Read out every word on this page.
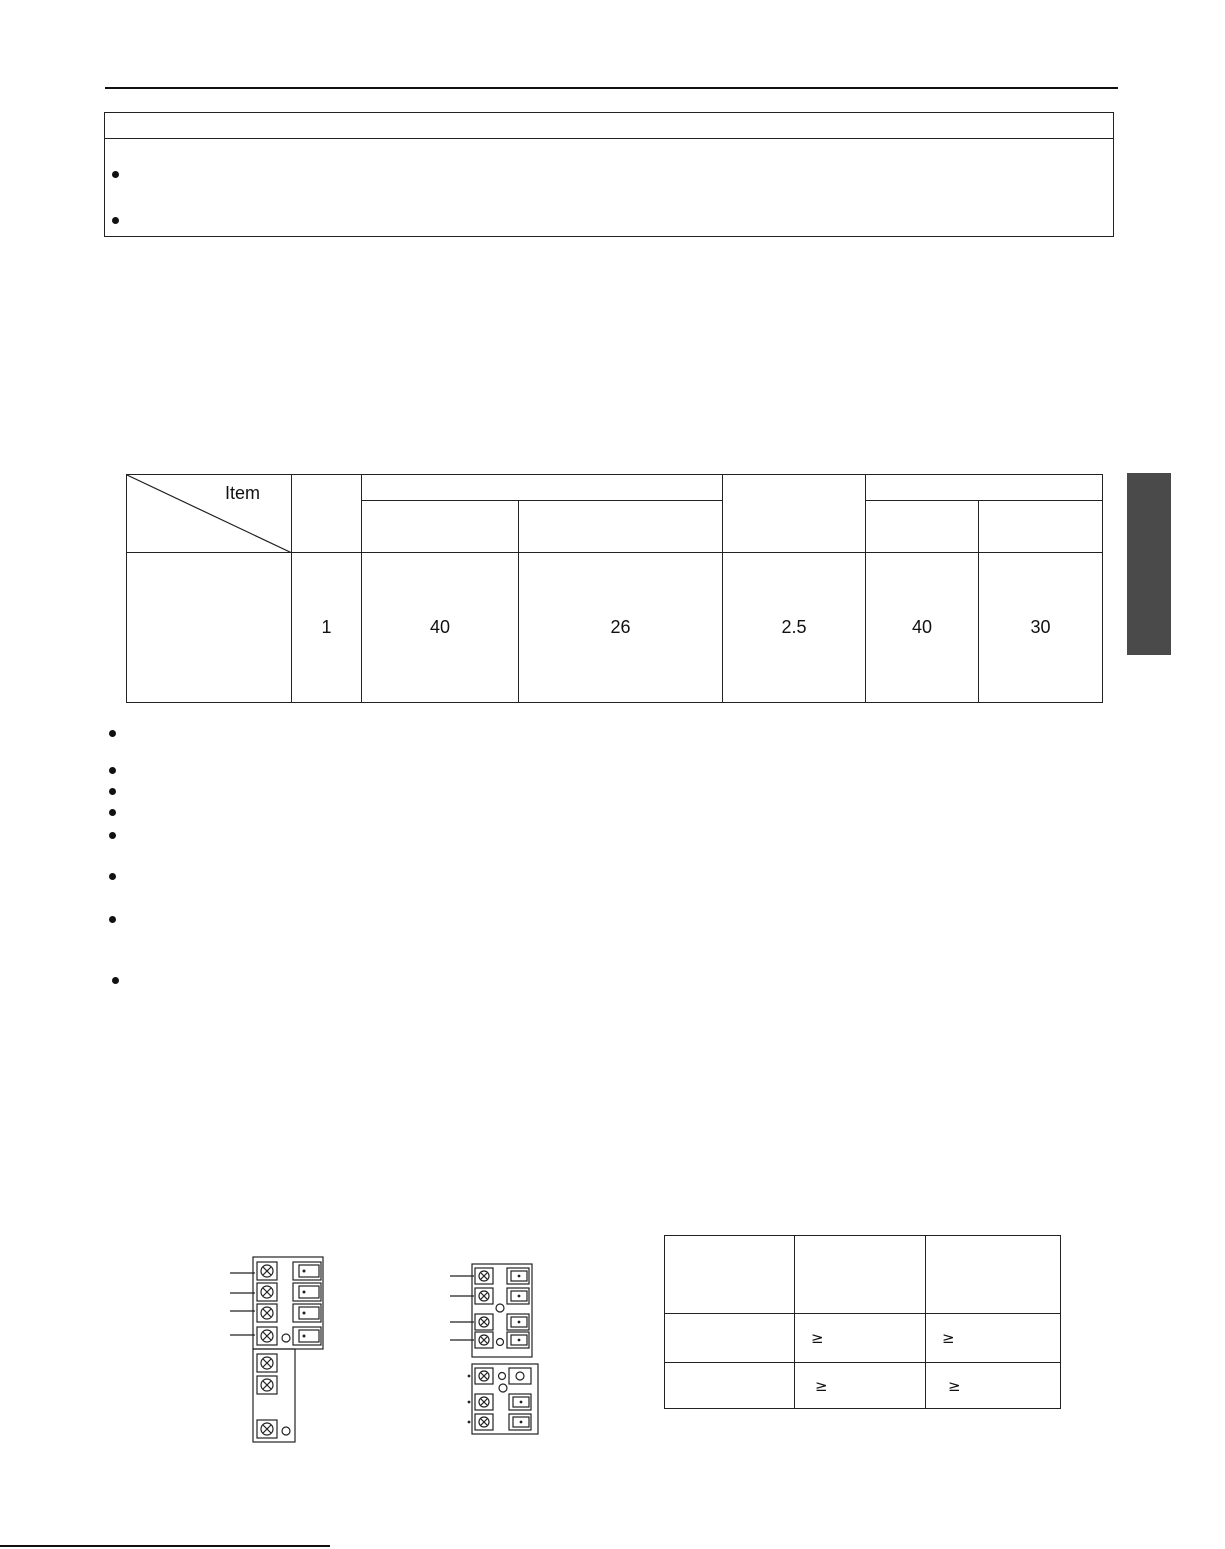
Item						

	1	40	26	2.5	40	30

	≥	≥
	≥	≥
